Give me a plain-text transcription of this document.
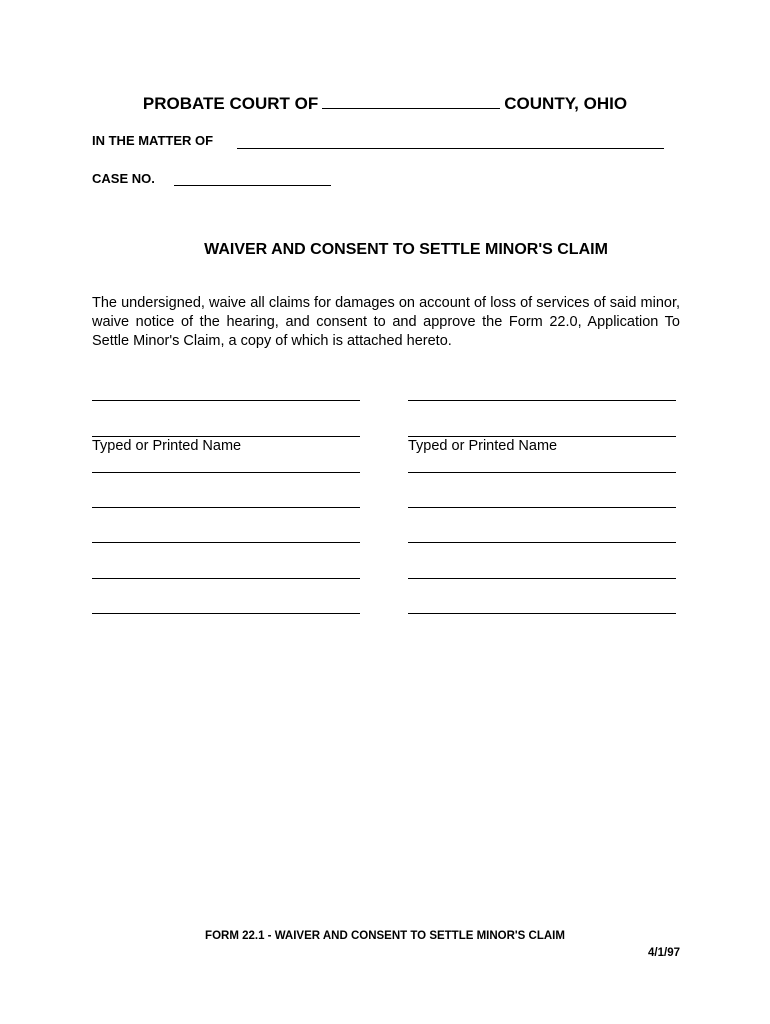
PROBATE COURT OF	COUNTY, OHIO
IN THE MATTER OF
CASE NO.
WAIVER AND CONSENT TO SETTLE MINOR'S CLAIM
The undersigned, waive all claims for damages on account of loss of services of said minor, waive notice of the hearing, and consent to and approve the Form 22.0, Application To Settle Minor's Claim, a copy of which is attached hereto.
Typed or Printed Name	Typed or Printed Name
FORM 22.1 - WAIVER AND CONSENT TO SETTLE MINOR'S CLAIM
4/1/97
